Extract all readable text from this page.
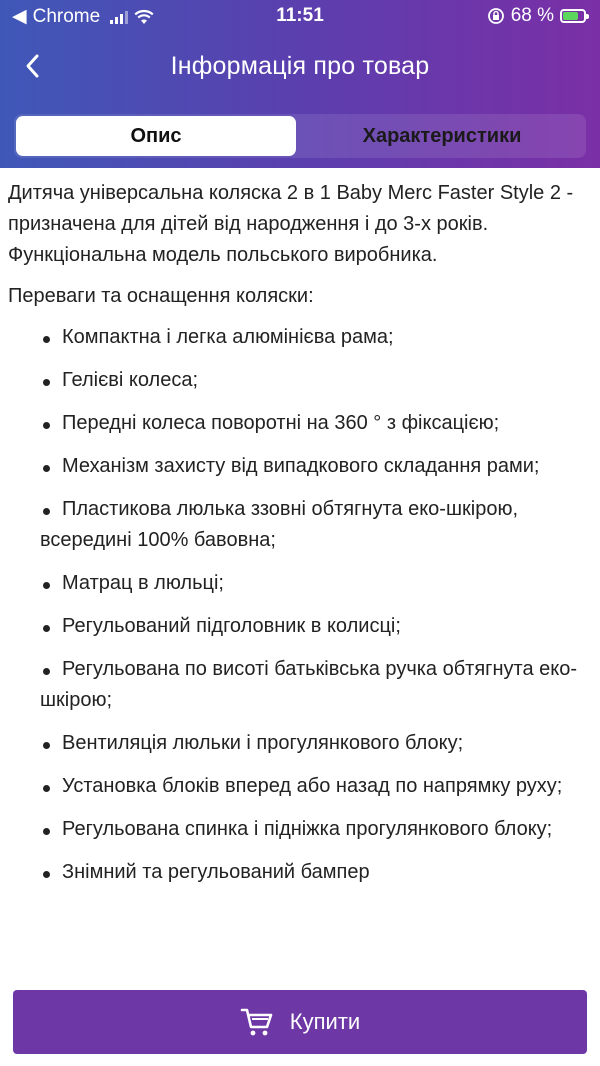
◀ Chrome	11:51	68 %
Інформація про товар
Опис	Характеристики

Дитяча універсальна коляска 2 в 1 Baby Merc Faster Style 2 - призначена для дітей від народження і до 3-х років. Функціональна модель польського виробника.

Переваги та оснащення коляски:

Компактна і легка алюмінієва рама;
Гелієві колеса;
Передні колеса поворотні на 360 ° з фіксацією;
Механізм захисту від випадкового складання рами;
Пластикова люлька ззовні обтягнута еко-шкірою, всередині 100% бавовна;
Матрац в люльці;
Регульований підголовник в колисці;
Регульована по висоті батьківська ручка обтягнута еко-шкірою;
Вентиляція люльки і прогулянкового блоку;
Установка блоків вперед або назад по напрямку руху;
Регульована спинка і підніжка прогулянкового блоку;
Знімний та регульований бампер
Купити
